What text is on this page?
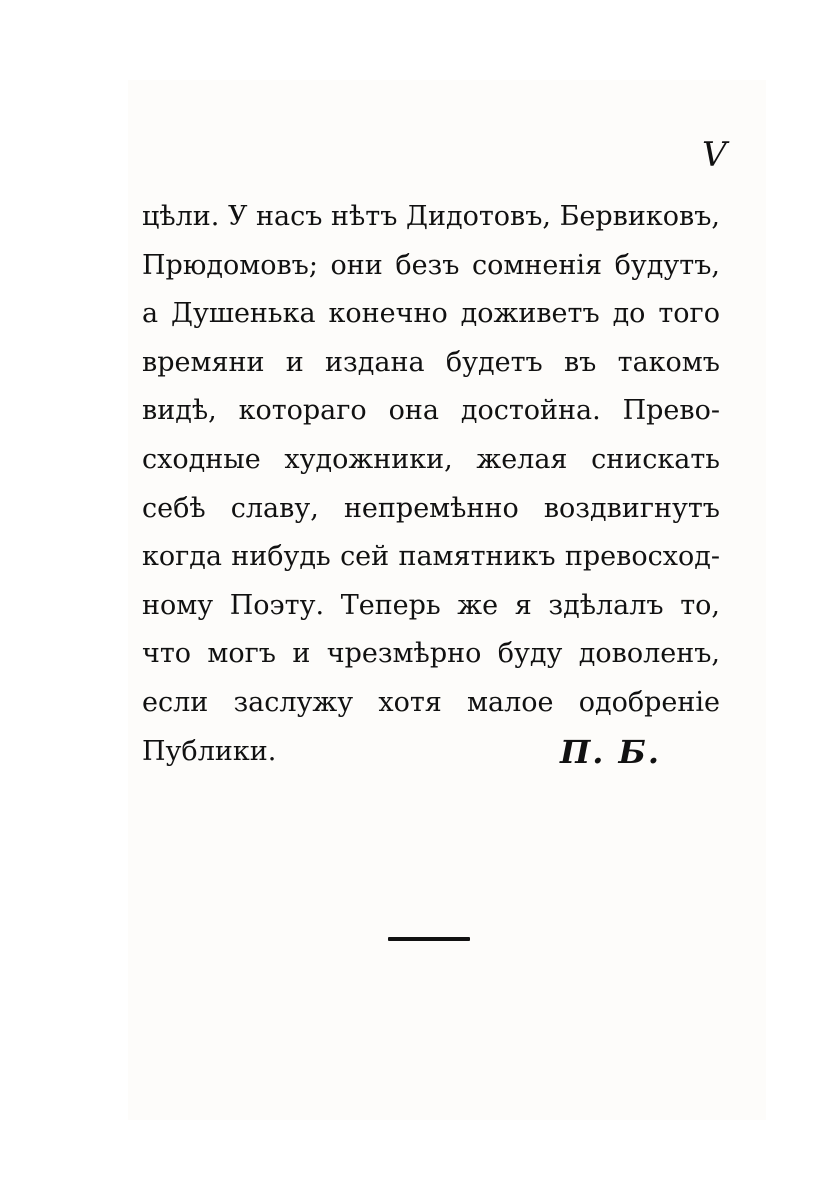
V
цѣли. У насъ нѣтъ Дидотовъ, Бервиковъ,
Прюдомовъ; они безъ сомненія будутъ,
а Душенька конечно доживетъ до того
времяни и издана будетъ въ такомъ
видѣ, котораго она достойна. Прево-
сходные художники, желая снискать
себѣ славу, непремѣнно воздвигнутъ
когда нибудь сей памятникъ превосход-
ному Поэту. Теперь же я здѣлалъ то,
что могъ и чрезмѣрно буду доволенъ,
если заслужу хотя малое одобреніе
Публики.	П. Б.
